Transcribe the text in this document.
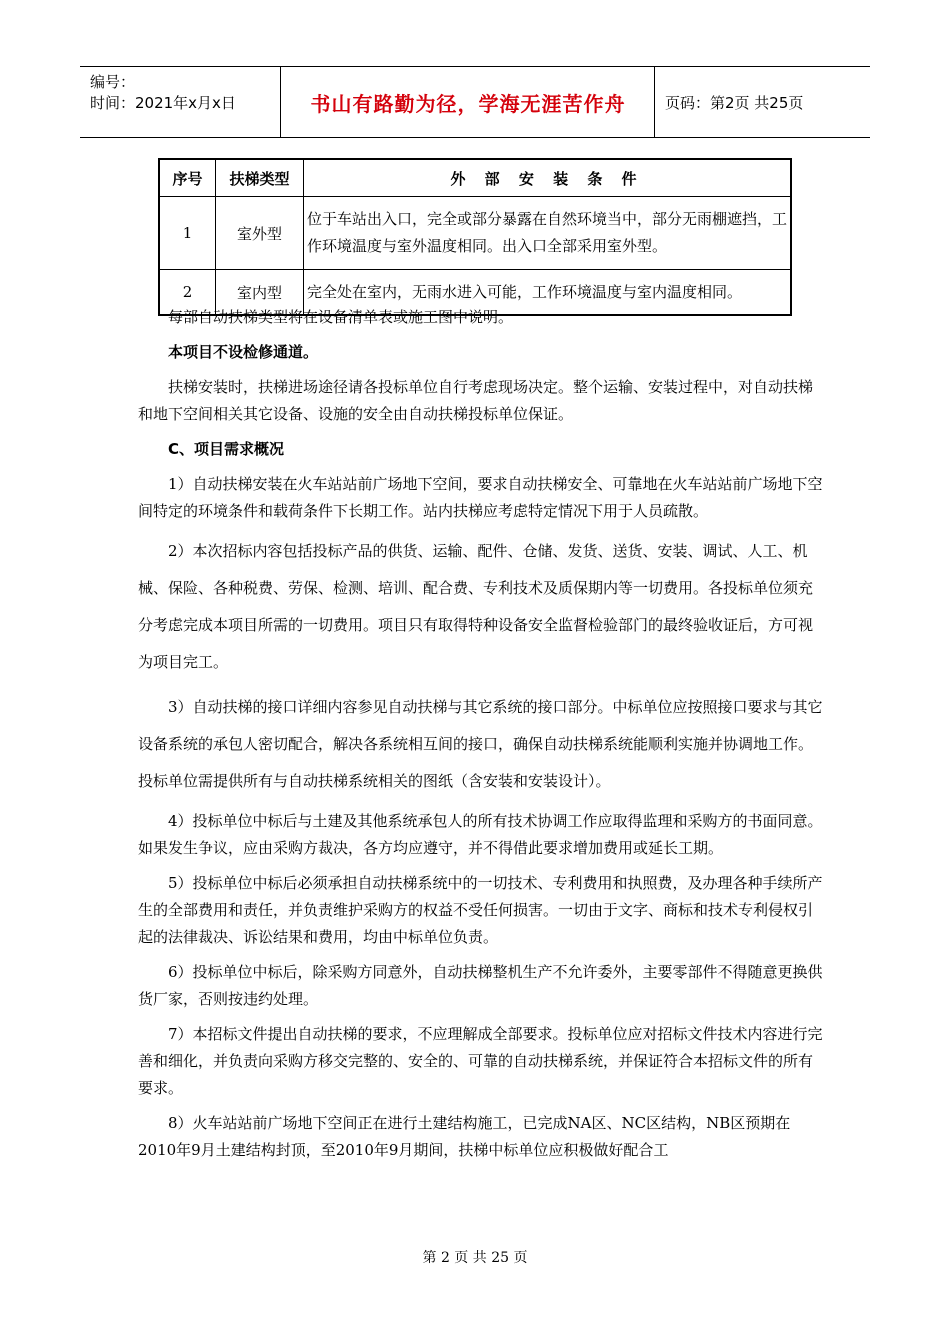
编号：
时间：2021年x月x日	书山有路勤为径，学海无涯苦作舟	页码：第2页 共25页
序号	扶梯类型	外 部 安 装 条 件
1	室外型	位于车站出入口，完全或部分暴露在自然环境当中，部分无雨棚遮挡，工作环境温度与室外温度相同。出入口全部采用室外型。
2	室内型	完全处在室内，无雨水进入可能，工作环境温度与室内温度相同。

每部自动扶梯类型将在设备清单表或施工图中说明。

本项目不设检修通道。

扶梯安装时，扶梯进场途径请各投标单位自行考虑现场决定。整个运输、安装过程中，对自动扶梯和地下空间相关其它设备、设施的安全由自动扶梯投标单位保证。

C、项目需求概况

1）自动扶梯安装在火车站站前广场地下空间，要求自动扶梯安全、可靠地在火车站站前广场地下空间特定的环境条件和载荷条件下长期工作。站内扶梯应考虑特定情况下用于人员疏散。

2）本次招标内容包括投标产品的供货、运输、配件、仓储、发货、送货、安装、调试、人工、机械、保险、各种税费、劳保、检测、培训、配合费、专利技术及质保期内等一切费用。各投标单位须充分考虑完成本项目所需的一切费用。项目只有取得特种设备安全监督检验部门的最终验收证后，方可视为项目完工。

3）自动扶梯的接口详细内容参见自动扶梯与其它系统的接口部分。中标单位应按照接口要求与其它设备系统的承包人密切配合，解决各系统相互间的接口，确保自动扶梯系统能顺利实施并协调地工作。投标单位需提供所有与自动扶梯系统相关的图纸（含安装和安装设计）。

4）投标单位中标后与土建及其他系统承包人的所有技术协调工作应取得监理和采购方的书面同意。如果发生争议，应由采购方裁决，各方均应遵守，并不得借此要求增加费用或延长工期。

5）投标单位中标后必须承担自动扶梯系统中的一切技术、专利费用和执照费，及办理各种手续所产生的全部费用和责任，并负责维护采购方的权益不受任何损害。一切由于文字、商标和技术专利侵权引起的法律裁决、诉讼结果和费用，均由中标单位负责。

6）投标单位中标后，除采购方同意外，自动扶梯整机生产不允许委外，主要零部件不得随意更换供货厂家，否则按违约处理。

7）本招标文件提出自动扶梯的要求，不应理解成全部要求。投标单位应对招标文件技术内容进行完善和细化，并负责向采购方移交完整的、安全的、可靠的自动扶梯系统，并保证符合本招标文件的所有要求。

8）火车站站前广场地下空间正在进行土建结构施工，已完成NA区、NC区结构，NB区预期在2010年9月土建结构封顶，至2010年9月期间，扶梯中标单位应积极做好配合工

第 2 页 共 25 页
